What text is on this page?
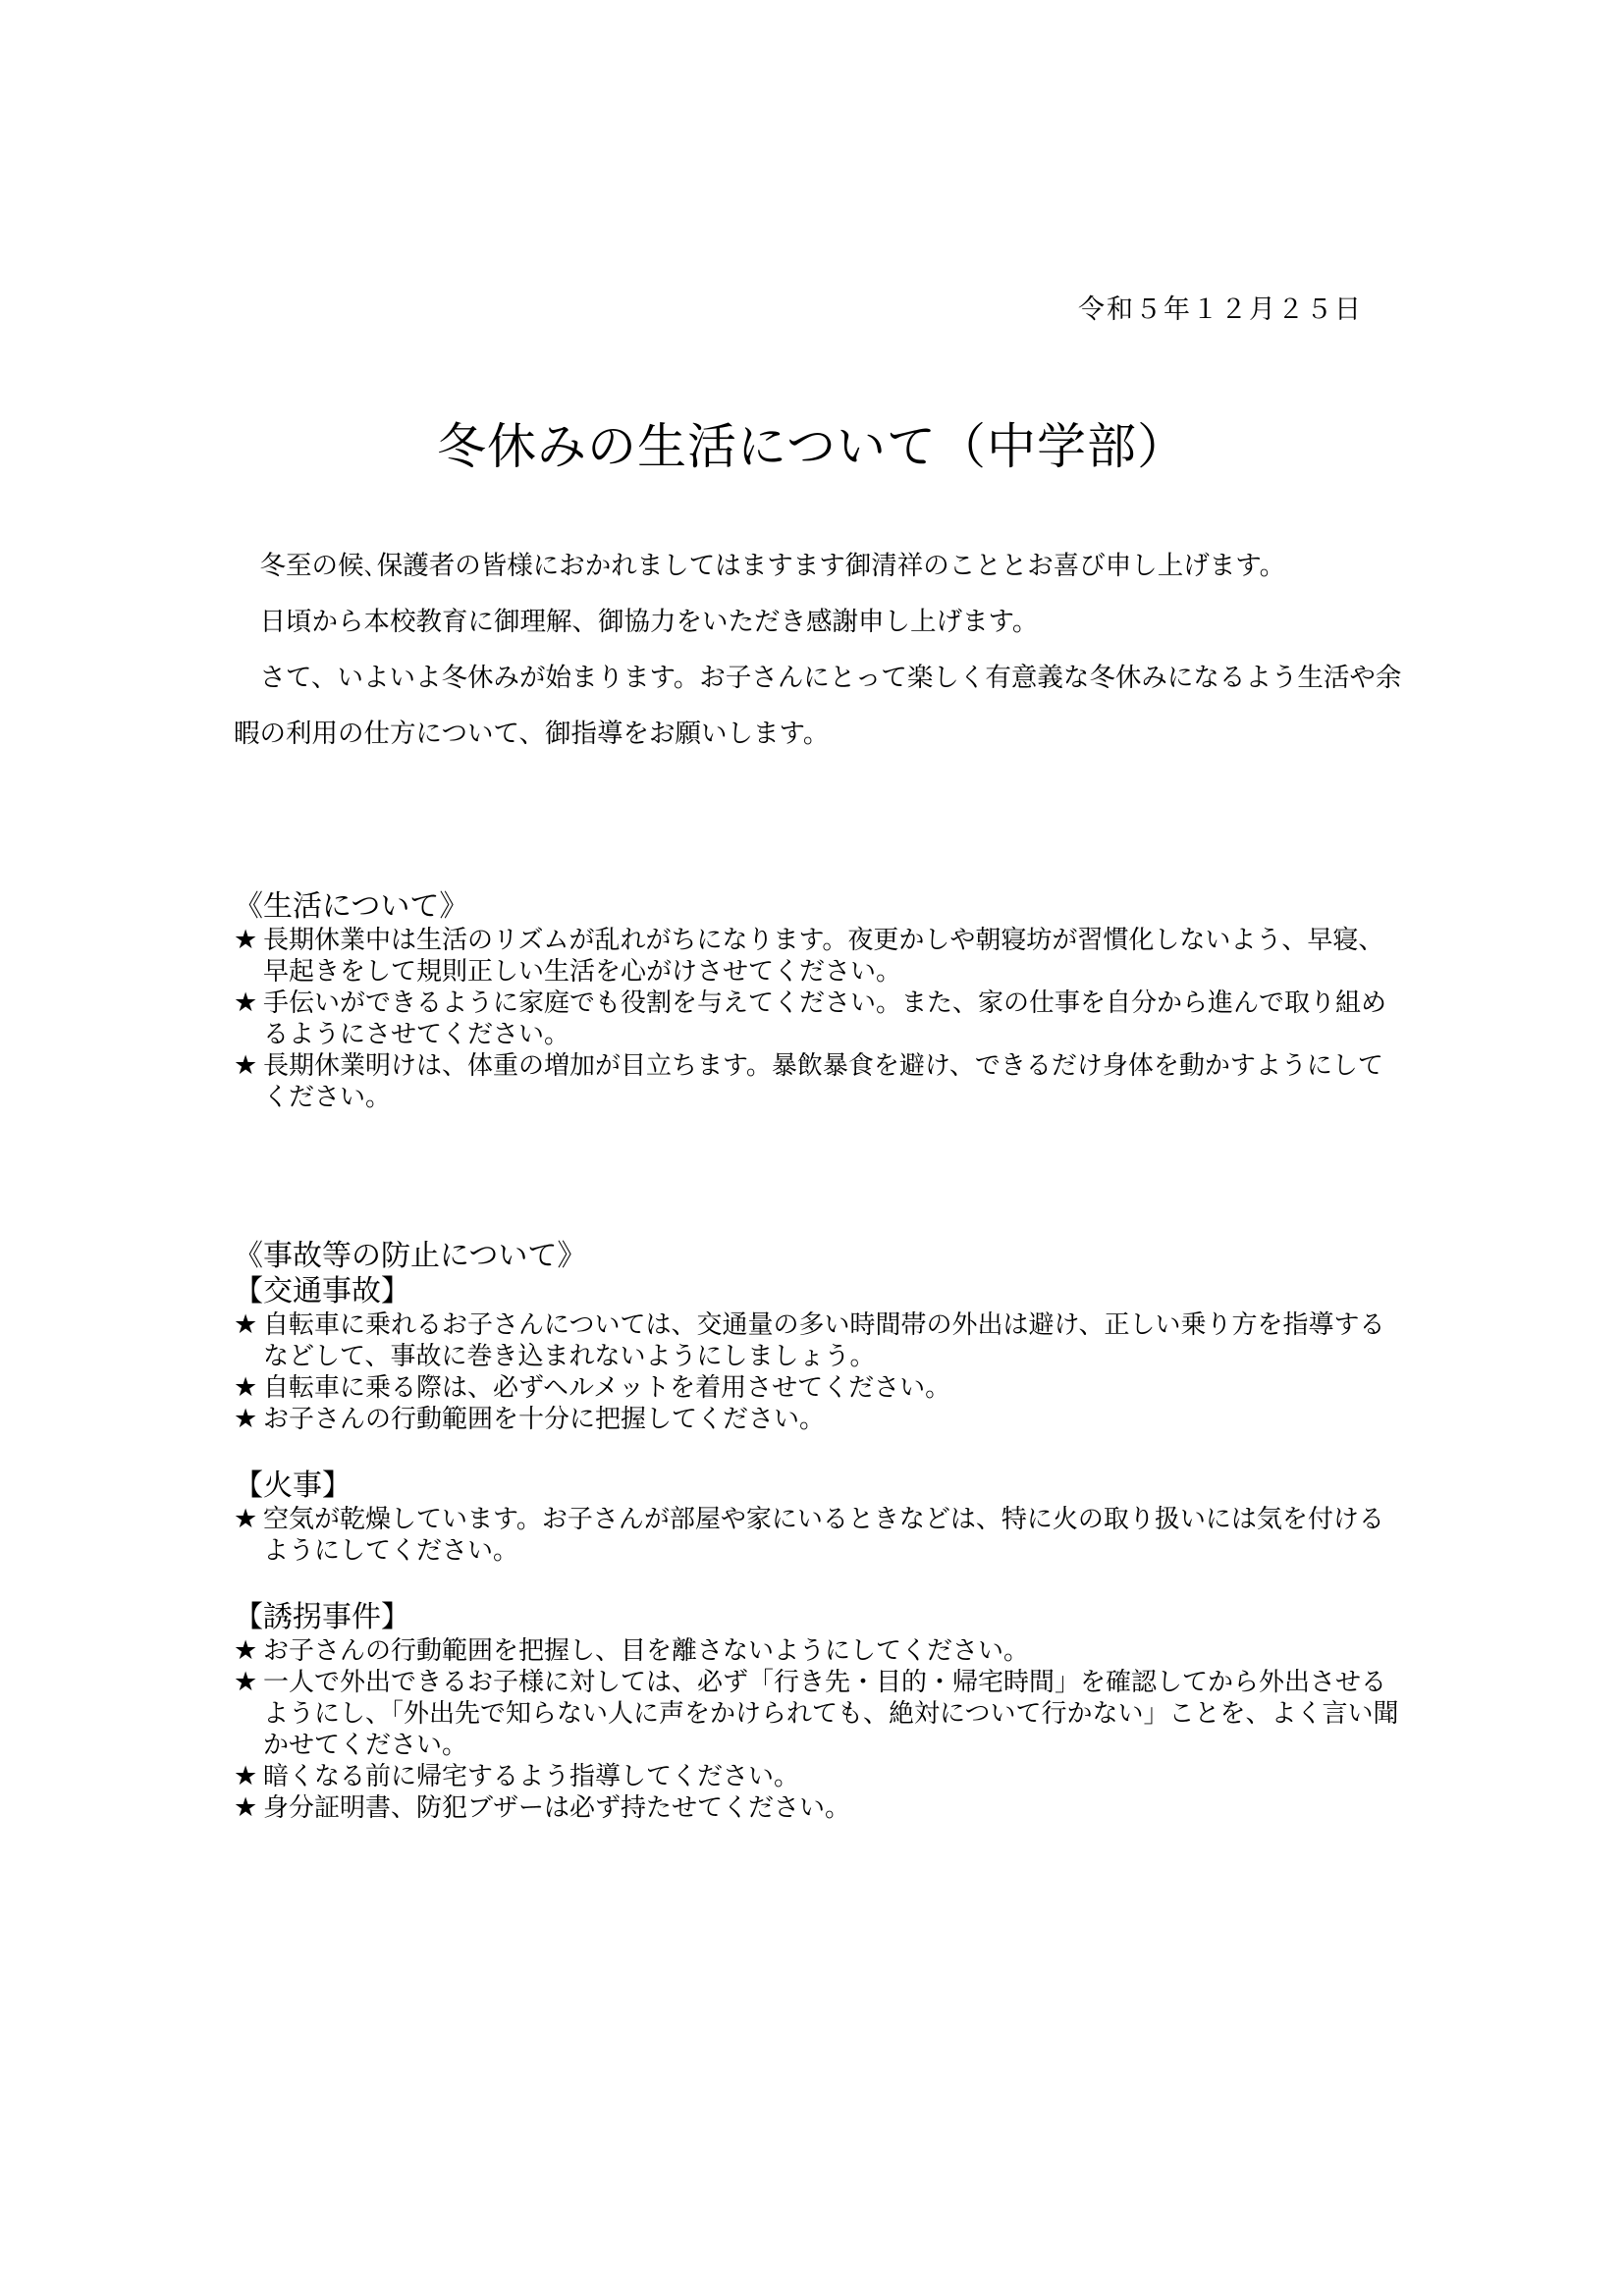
令和５年１２月２５日
冬休みの生活について（中学部）

　冬至の候､保護者の皆様におかれましてはますます御清祥のこととお喜び申し上げます。

　日頃から本校教育に御理解、御協力をいただき感謝申し上げます。

　さて、いよいよ冬休みが始まります。お子さんにとって楽しく有意義な冬休みになるよう生活や余暇の利用の仕方について、御指導をお願いします。

《生活について》
★ 長期休業中は生活のリズムが乱れがちになります。夜更かしや朝寝坊が習慣化しないよう、早寝、早起きをして規則正しい生活を心がけさせてください。
★ 手伝いができるように家庭でも役割を与えてください。また、家の仕事を自分から進んで取り組めるようにさせてください。
★ 長期休業明けは、体重の増加が目立ちます。暴飲暴食を避け、できるだけ身体を動かすようにしてください。
《事故等の防止について》
【交通事故】
★ 自転車に乗れるお子さんについては、交通量の多い時間帯の外出は避け、正しい乗り方を指導するなどして、事故に巻き込まれないようにしましょう。
★ 自転車に乗る際は、必ずヘルメットを着用させてください。
★ お子さんの行動範囲を十分に把握してください。
【火事】
★ 空気が乾燥しています。お子さんが部屋や家にいるときなどは、特に火の取り扱いには気を付けるようにしてください。
【誘拐事件】
★ お子さんの行動範囲を把握し、目を離さないようにしてください。
★ 一人で外出できるお子様に対しては、必ず「行き先・目的・帰宅時間」を確認してから外出させるようにし、「外出先で知らない人に声をかけられても、絶対について行かない」ことを、よく言い聞かせてください。
★ 暗くなる前に帰宅するよう指導してください。
★ 身分証明書、防犯ブザーは必ず持たせてください。
